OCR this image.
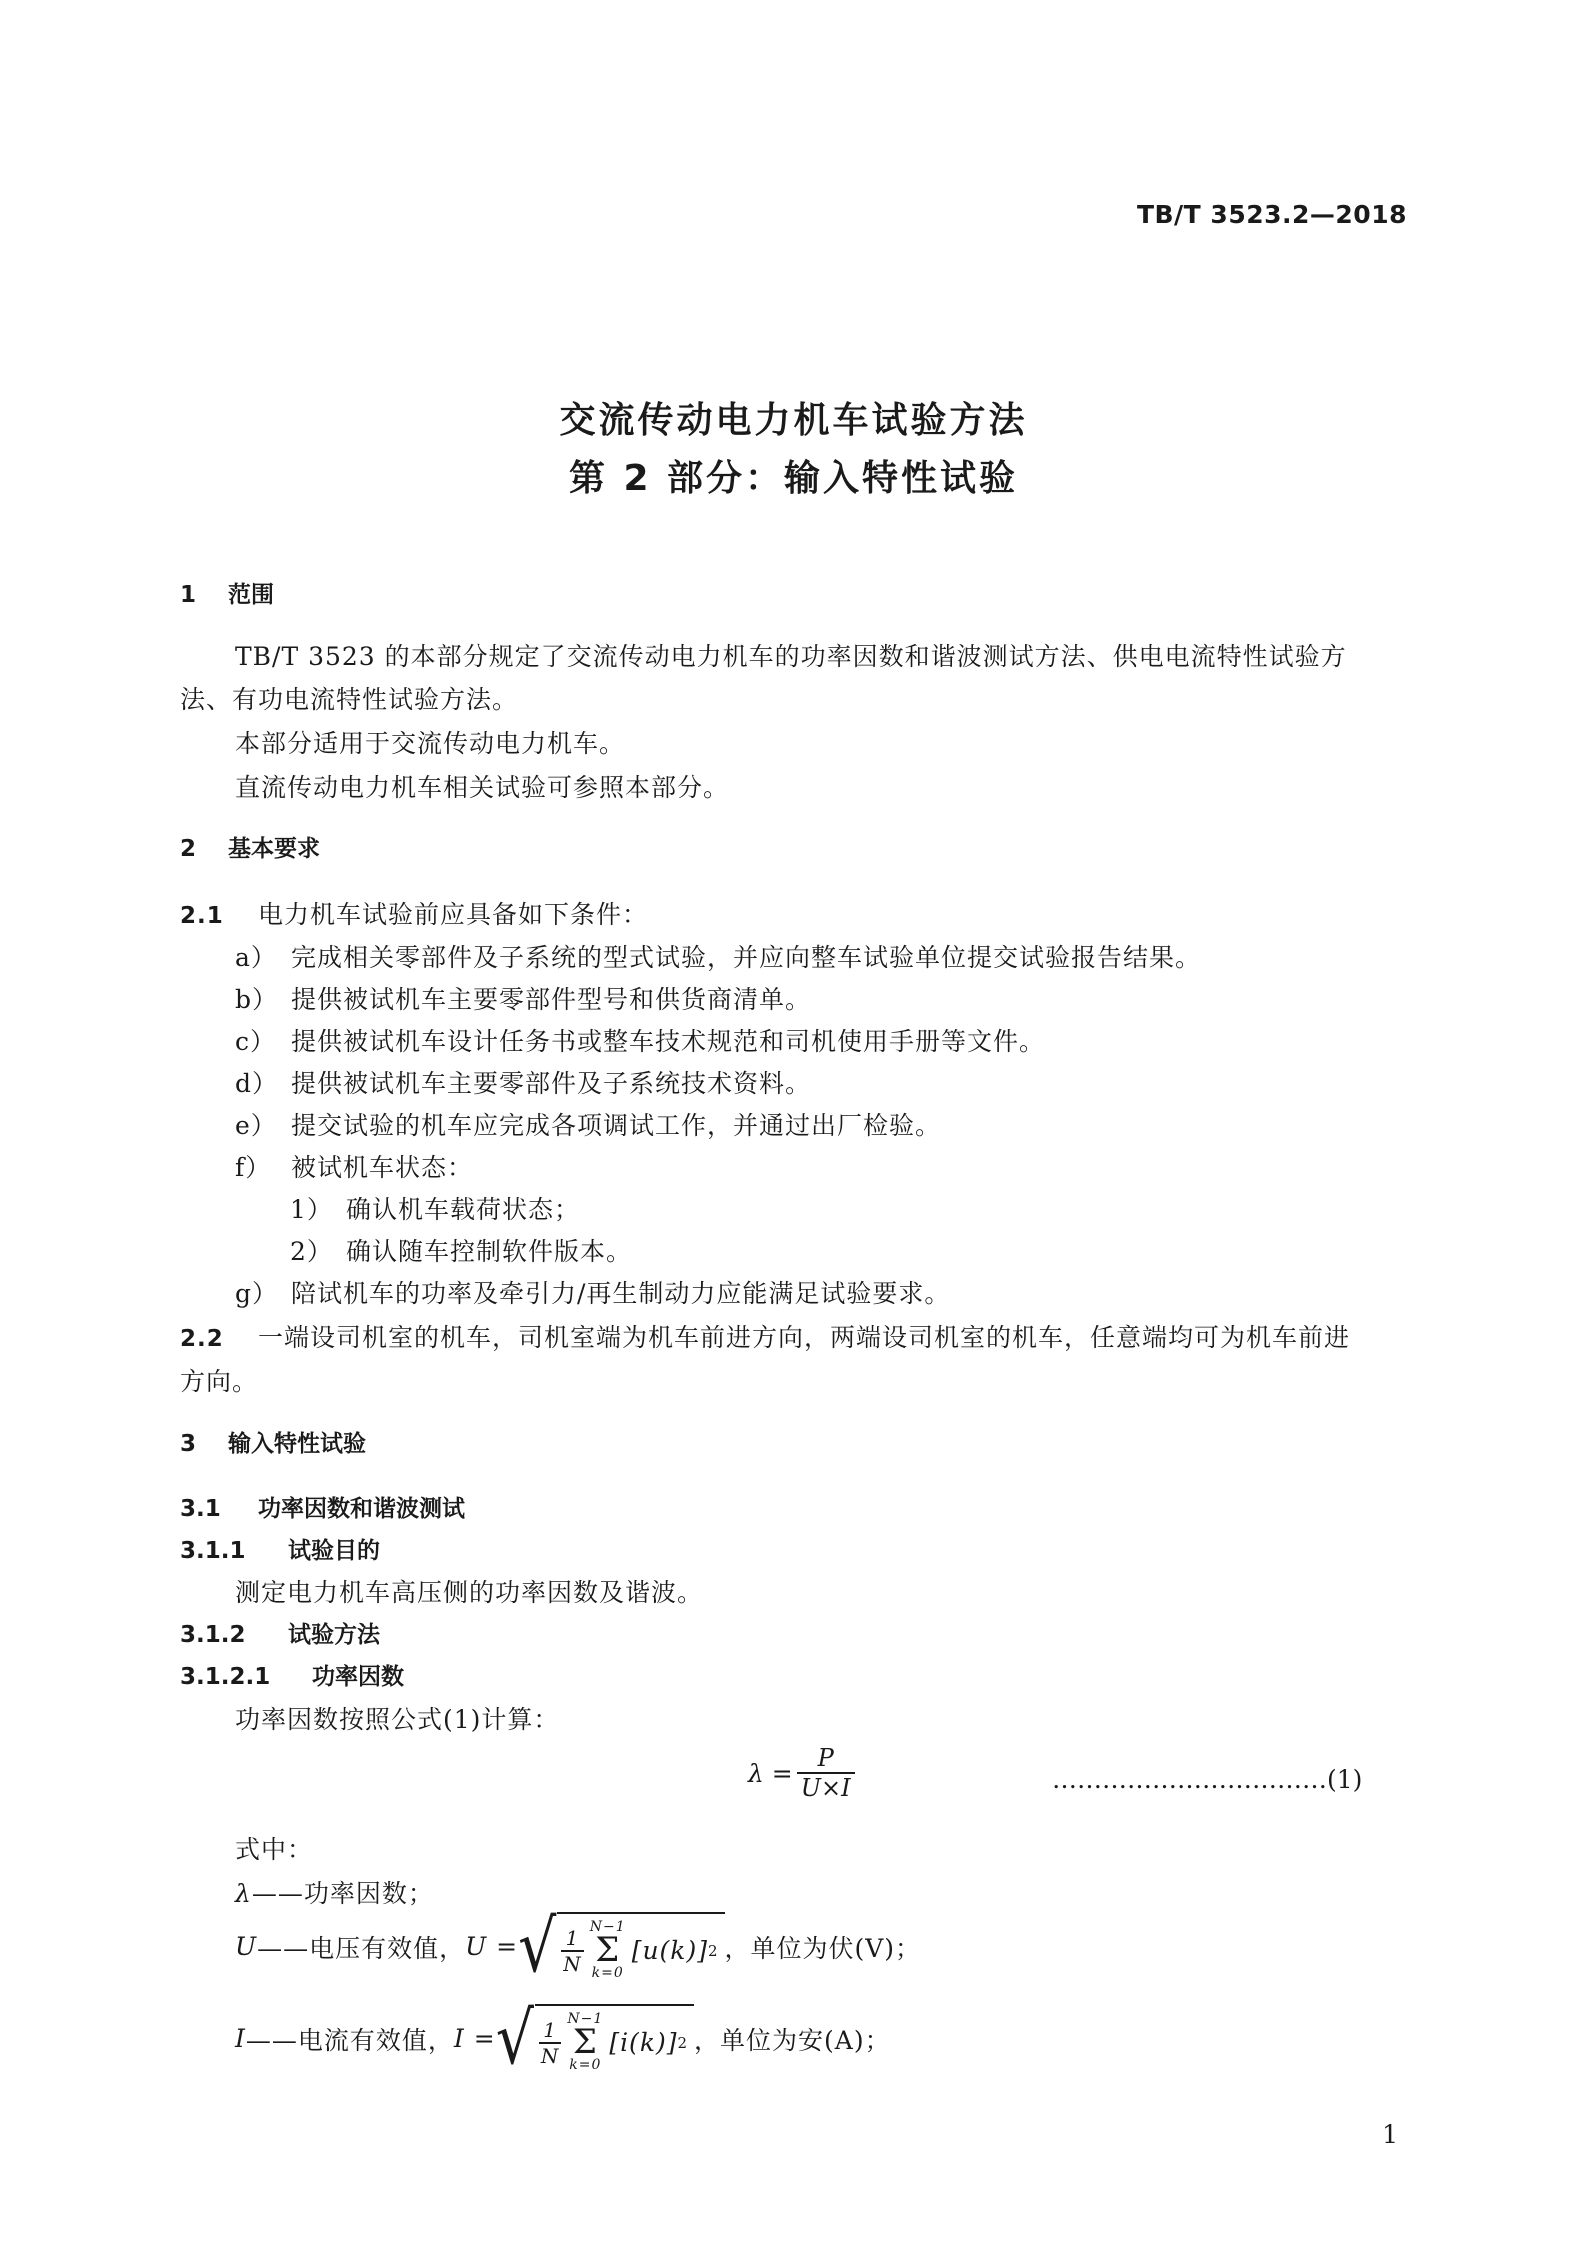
TB/T 3523.2—2018
交流传动电力机车试验方法
第 2 部分：输入特性试验
1 范围
TB/T 3523 的本部分规定了交流传动电力机车的功率因数和谐波测试方法、供电电流特性试验方
法、有功电流特性试验方法。
本部分适用于交流传动电力机车。
直流传动电力机车相关试验可参照本部分。
2 基本要求
2.1 电力机车试验前应具备如下条件：
a） 完成相关零部件及子系统的型式试验，并应向整车试验单位提交试验报告结果。
b） 提供被试机车主要零部件型号和供货商清单。
c） 提供被试机车设计任务书或整车技术规范和司机使用手册等文件。
d） 提供被试机车主要零部件及子系统技术资料。
e） 提交试验的机车应完成各项调试工作，并通过出厂检验。
f） 被试机车状态：
1） 确认机车载荷状态；
2） 确认随车控制软件版本。
g） 陪试机车的功率及牵引力/再生制动力应能满足试验要求。
2.2 一端设司机室的机车，司机室端为机车前进方向，两端设司机室的机车，任意端均可为机车前进
方向。
3 输入特性试验
3.1 功率因数和谐波测试
3.1.1 试验目的
测定电力机车高压侧的功率因数及谐波。
3.1.2 试验方法
3.1.2.1 功率因数
功率因数按照公式(1)计算：
$\lambda = \frac{P}{U\times I}$	……………………………(1)
式中：
λ——功率因数；
U ——电压有效值， U = √ $\frac{1}{N} N-1$
Σ
k=0
[u(k)] 2 ，单位为伏(V)；
I ——电流有效值， I = √ $\frac{1}{N} N-1$
Σ
k=0
[i(k)] 2 ，单位为安(A)；
1
